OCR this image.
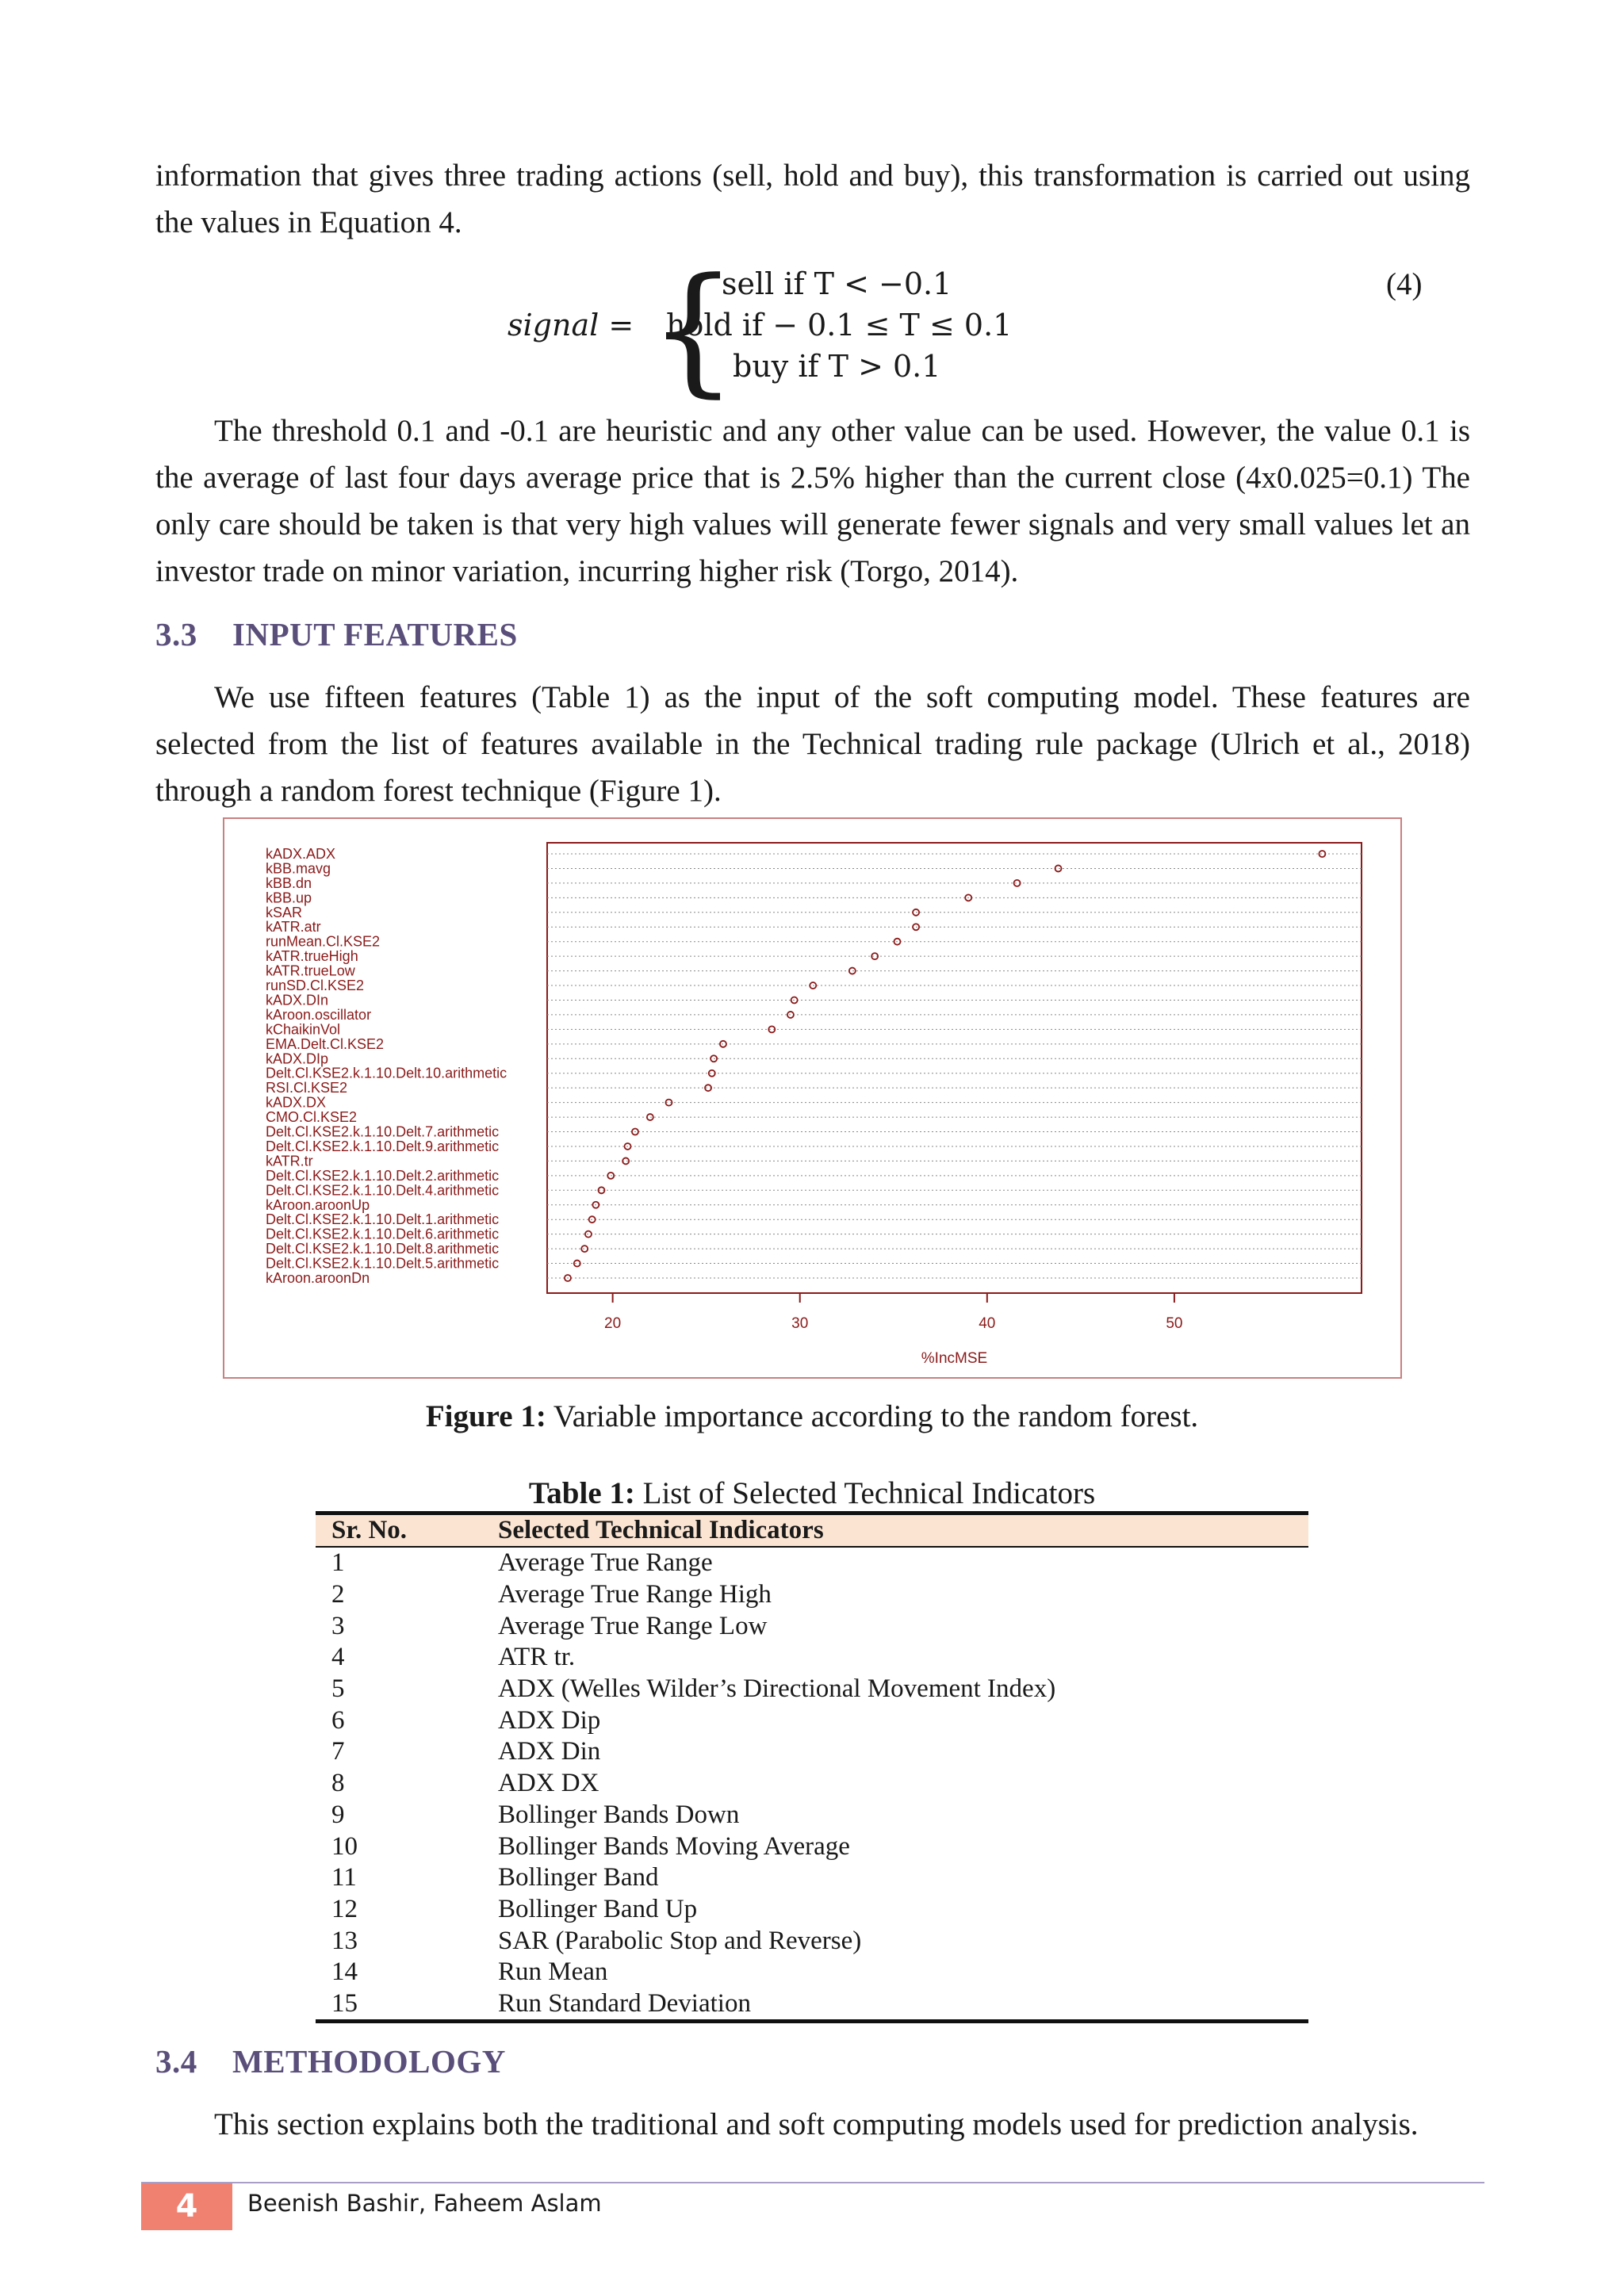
information that gives three trading actions (sell, hold and buy), this transformation is carried out using the values in Equation 4.

signal = {
sell if T < −0.1
hold if − 0.1 ≤ T ≤ 0.1
buy if T > 0.1
(4)

The threshold 0.1 and -0.1 are heuristic and any other value can be used. However, the value 0.1 is the average of last four days average price that is 2.5% higher than the current close (4x0.025=0.1) The only care should be taken is that very high values will generate fewer signals and very small values let an investor trade on minor variation, incurring higher risk (Torgo, 2014).

3.3 INPUT FEATURES

We use fifteen features (Table 1) as the input of the soft computing model. These features are selected from the list of features available in the Technical trading rule package (Ulrich et al., 2018) through a random forest technique (Figure 1).

kADX.ADX
kBB.mavg
kBB.dn
kBB.up
kSAR
kATR.atr
runMean.Cl.KSE2
kATR.trueHigh
kATR.trueLow
runSD.Cl.KSE2
kADX.DIn
kAroon.oscillator
kChaikinVol
EMA.Delt.Cl.KSE2
kADX.DIp
Delt.Cl.KSE2.k.1.10.Delt.10.arithmetic
RSI.Cl.KSE2
kADX.DX
CMO.Cl.KSE2
Delt.Cl.KSE2.k.1.10.Delt.7.arithmetic
Delt.Cl.KSE2.k.1.10.Delt.9.arithmetic
kATR.tr
Delt.Cl.KSE2.k.1.10.Delt.2.arithmetic
Delt.Cl.KSE2.k.1.10.Delt.4.arithmetic
kAroon.aroonUp
Delt.Cl.KSE2.k.1.10.Delt.1.arithmetic
Delt.Cl.KSE2.k.1.10.Delt.6.arithmetic
Delt.Cl.KSE2.k.1.10.Delt.8.arithmetic
Delt.Cl.KSE2.k.1.10.Delt.5.arithmetic
kAroon.aroonDn
20	30	40	50
%IncMSE

Figure 1: Variable importance according to the random forest.

Table 1: List of Selected Technical Indicators

Sr. No.	Selected Technical Indicators
1	Average True Range
2	Average True Range High
3	Average True Range Low
4	ATR tr.
5	ADX (Welles Wilder’s Directional Movement Index)
6	ADX Dip
7	ADX Din
8	ADX DX
9	Bollinger Bands Down
10	Bollinger Bands Moving Average
11	Bollinger Band
12	Bollinger Band Up
13	SAR (Parabolic Stop and Reverse)
14	Run Mean
15	Run Standard Deviation
3.4 METHODOLOGY

This section explains both the traditional and soft computing models used for prediction analysis.

4	Beenish Bashir, Faheem Aslam
